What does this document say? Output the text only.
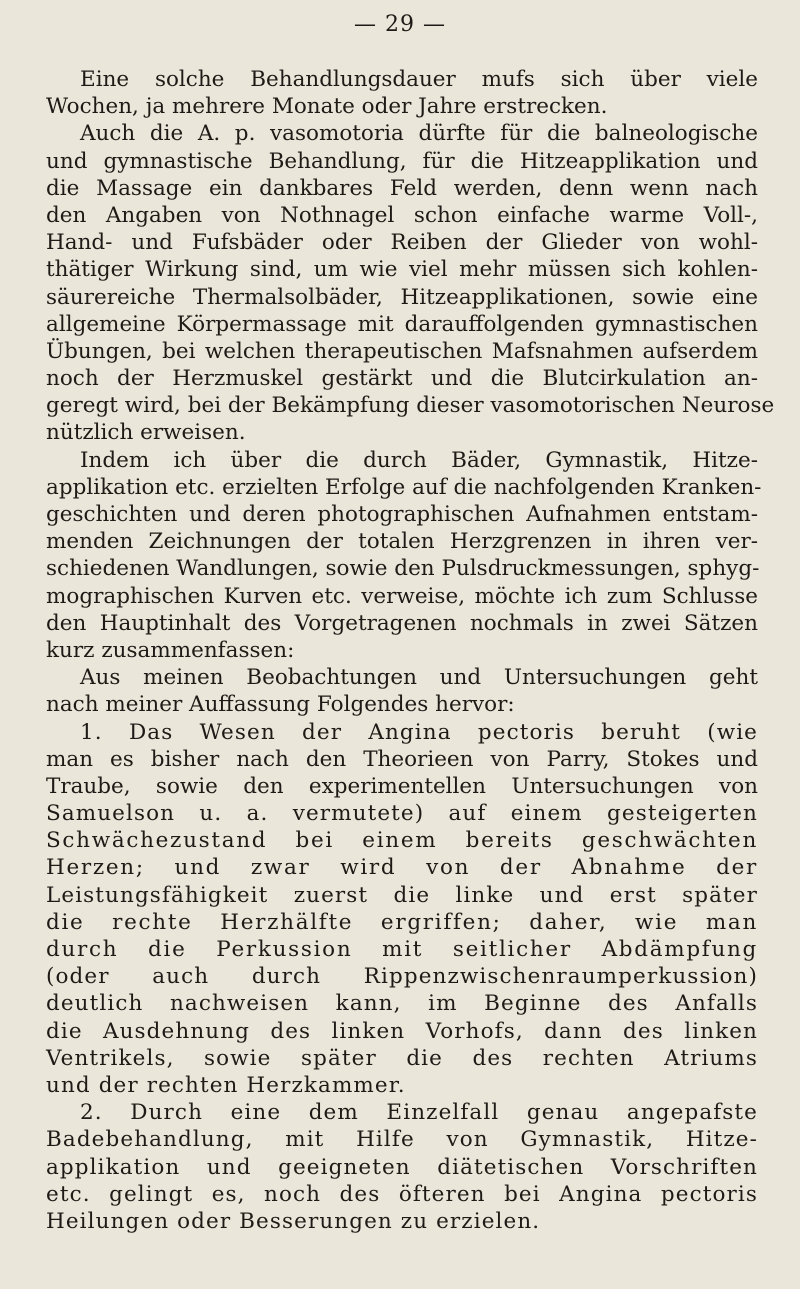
— 29 —
Eine solche Behandlungsdauer mufs sich über viele
Wochen, ja mehrere Monate oder Jahre erstrecken.
Auch die A. p. vasomotoria dürfte für die balneologische
und gymnastische Behandlung, für die Hitzeapplikation und
die Massage ein dankbares Feld werden, denn wenn nach
den Angaben von Nothnagel schon einfache warme Voll-,
Hand- und Fufsbäder oder Reiben der Glieder von wohl-
thätiger Wirkung sind, um wie viel mehr müssen sich kohlen-
säurereiche Thermalsolbäder, Hitzeapplikationen, sowie eine
allgemeine Körpermassage mit darauffolgenden gymnastischen
Übungen, bei welchen therapeutischen Mafsnahmen aufserdem
noch der Herzmuskel gestärkt und die Blutcirkulation an-
geregt wird, bei der Bekämpfung dieser vasomotorischen Neurose
nützlich erweisen.
Indem ich über die durch Bäder, Gymnastik, Hitze-
applikation etc. erzielten Erfolge auf die nachfolgenden Kranken-
geschichten und deren photographischen Aufnahmen entstam-
menden Zeichnungen der totalen Herzgrenzen in ihren ver-
schiedenen Wandlungen, sowie den Pulsdruckmessungen, sphyg-
mographischen Kurven etc. verweise, möchte ich zum Schlusse
den Hauptinhalt des Vorgetragenen nochmals in zwei Sätzen
kurz zusammenfassen:
Aus meinen Beobachtungen und Untersuchungen geht
nach meiner Auffassung Folgendes hervor:
1. Das Wesen der Angina pectoris beruht (wie
man es bisher nach den Theorieen von Parry, Stokes und
Traube, sowie den experimentellen Untersuchungen von
Samuelson u. a. vermutete) auf einem gesteigerten
Schwächezustand bei einem bereits geschwächten
Herzen; und zwar wird von der Abnahme der
Leistungsfähigkeit zuerst die linke und erst später
die rechte Herzhälfte ergriffen; daher, wie man
durch die Perkussion mit seitlicher Abdämpfung
(oder auch durch Rippenzwischenraumperkussion)
deutlich nachweisen kann, im Beginne des Anfalls
die Ausdehnung des linken Vorhofs, dann des linken
Ventrikels, sowie später die des rechten Atriums
und der rechten Herzkammer.
2. Durch eine dem Einzelfall genau angepafste
Badebehandlung, mit Hilfe von Gymnastik, Hitze-
applikation und geeigneten diätetischen Vorschriften
etc. gelingt es, noch des öfteren bei Angina pectoris
Heilungen oder Besserungen zu erzielen.
